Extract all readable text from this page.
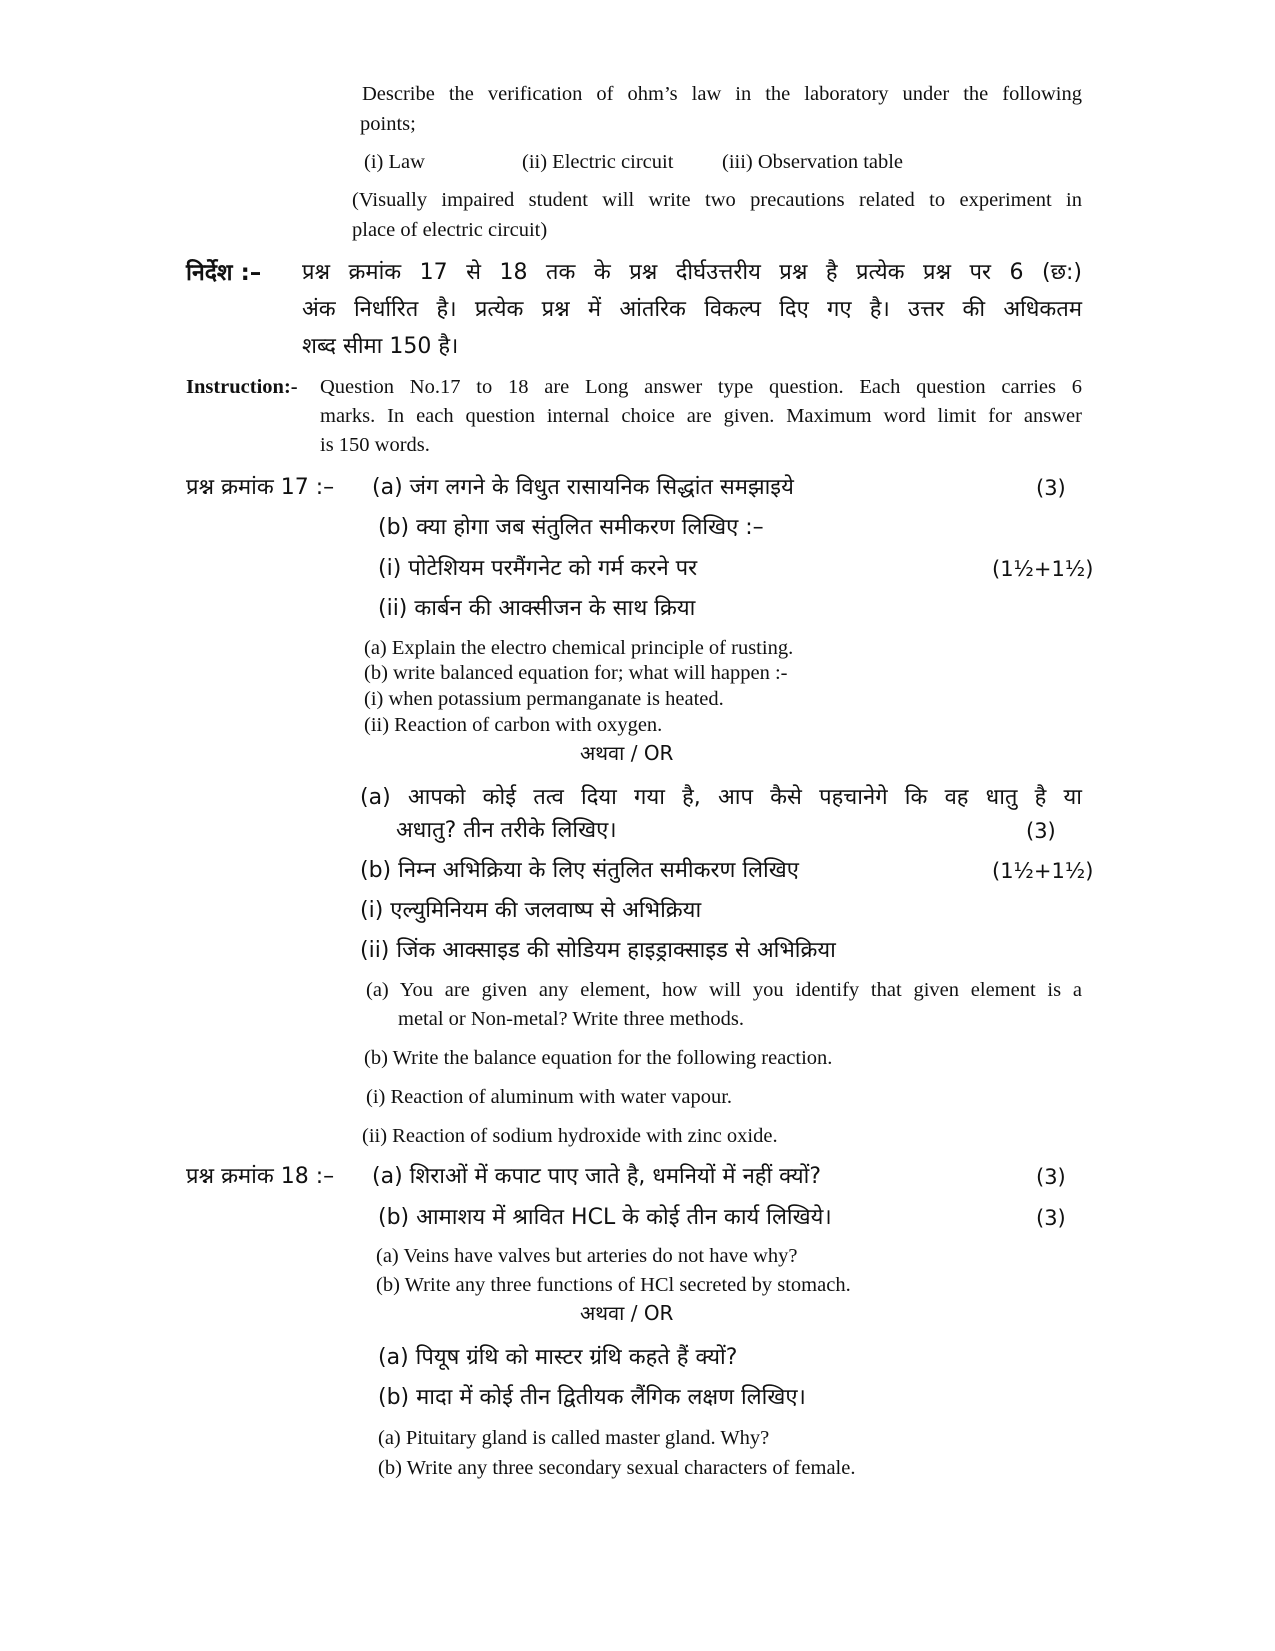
Describe the verification of ohm’s law in the laboratory under the following
points;
(i) Law	(ii) Electric circuit (iii) Observation table
(Visually impaired student will write two precautions related to experiment in
place of electric circuit)
निर्देश :– प्रश्न क्रमांक 17 से 18 तक के प्रश्न दीर्घउत्तरीय प्रश्न है प्रत्येक प्रश्न पर 6 (छ:)
अंक निर्धारित है। प्रत्येक प्रश्न में आंतरिक विकल्प दिए गए है। उत्तर की अधिकतम
शब्द सीमा 150 है।
Instruction:- Question No.17 to 18 are Long answer type question. Each question carries 6
marks. In each question internal choice are given. Maximum word limit for answer
is 150 words.
प्रश्न क्रमांक 17 :– (a) जंग लगने के विधुत रासायनिक सिद्धांत समझाइये	(3)
(b) क्या होगा जब संतुलित समीकरण लिखिए :–
(i) पोटेशियम परमैंगनेट को गर्म करने पर	(1½+1½)
(ii) कार्बन की आक्सीजन के साथ क्रिया
(a) Explain the electro chemical principle of rusting.
(b) write balanced equation for; what will happen :-
(i) when potassium permanganate is heated.
(ii) Reaction of carbon with oxygen.
अथवा / OR
(a) आपको कोई तत्व दिया गया है, आप कैसे पहचानेगे कि वह धातु है या
अधातु? तीन तरीके लिखिए।	(3)
(b) निम्न अभिक्रिया के लिए संतुलित समीकरण लिखिए	(1½+1½)
(i) एल्युमिनियम की जलवाष्प से अभिक्रिया
(ii) जिंक आक्साइड की सोडियम हाइड्राक्साइड से अभिक्रिया
(a) You are given any element, how will you identify that given element is a
metal or Non-metal? Write three methods.
(b) Write the balance equation for the following reaction.
(i) Reaction of aluminum with water vapour.
(ii) Reaction of sodium hydroxide with zinc oxide.
प्रश्न क्रमांक 18 :– (a) शिराओं में कपाट पाए जाते है, धमनियों में नहीं क्यों?	(3)
(b) आमाशय में श्रावित HCL के कोई तीन कार्य लिखिये।	(3)
(a) Veins have valves but arteries do not have why?
(b) Write any three functions of HCl secreted by stomach.
अथवा / OR
(a) पियूष ग्रंथि को मास्टर ग्रंथि कहते हैं क्यों?
(b) मादा में कोई तीन द्वितीयक लैंगिक लक्षण लिखिए।
(a) Pituitary gland is called master gland. Why?
(b) Write any three secondary sexual characters of female.
